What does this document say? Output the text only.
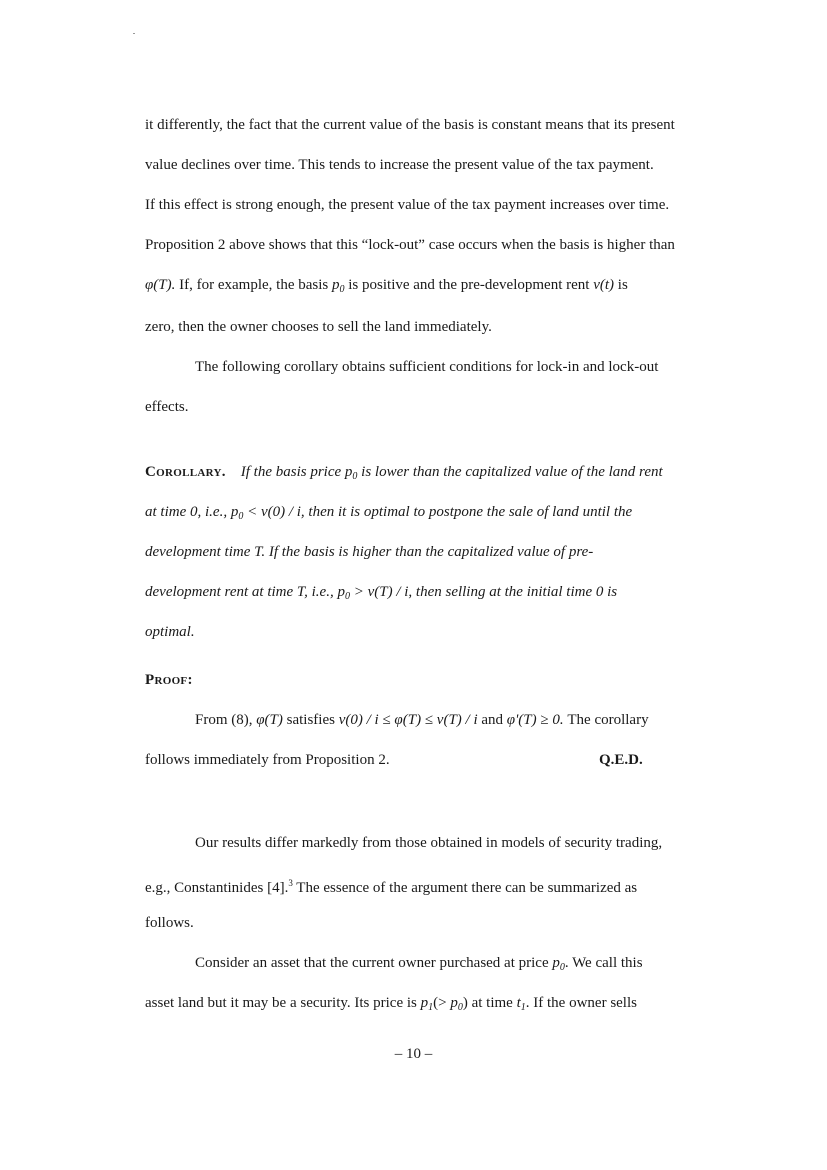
it differently, the fact that the current value of the basis is constant means that its present
value declines over time. This tends to increase the present value of the tax payment.
If this effect is strong enough, the present value of the tax payment increases over time.
Proposition 2 above shows that this “lock-out” case occurs when the basis is higher than
φ(T). If, for example, the basis $p_0$ is positive and the pre-development rent v(t) is
zero, then the owner chooses to sell the land immediately.
The following corollary obtains sufficient conditions for lock-in and lock-out
effects.
Corollary. If the basis price $p_0$ is lower than the capitalized value of the land rent
at time 0, i.e., $p_0 < v(0) / i$, then it is optimal to postpone the sale of land until the
development time T. If the basis is higher than the capitalized value of pre-
development rent at time T, i.e., $p_0 > v(T) / i$, then selling at the initial time 0 is
optimal.
Proof:
From (8), φ(T) satisfies v(0) / i ≤ φ(T) ≤ v(T) / i and φ'(T) ≥ 0. The corollary
follows immediately from Proposition 2.	Q.E.D.
Our results differ markedly from those obtained in models of security trading,
e.g., Constantinides [4].$^3$ The essence of the argument there can be summarized as
follows.
Consider an asset that the current owner purchased at price $p_0$. We call this
asset land but it may be a security. Its price is $p_1(> p_0)$ at time $t_1$. If the owner sells
– 10 –
